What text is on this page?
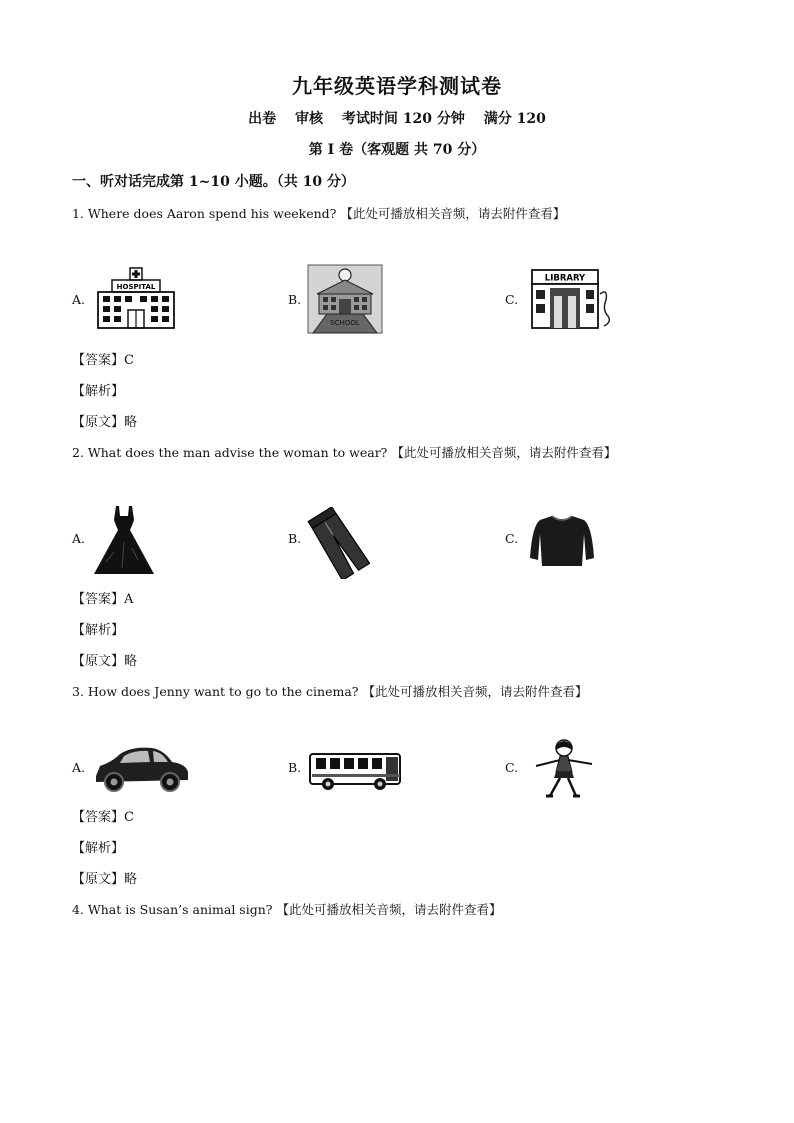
九年级英语学科测试卷
出卷 审核 考试时间 120 分钟 满分 120
第 I 卷（客观题 共 70 分）
一、听对话完成第 1~10 小题。（共 10 分）
1. Where does Aaron spend his weekend? 【此处可播放相关音频，请去附件查看】
A.
HOSPITAL
B.
SCHOOL
C.
LIBRARY
【答案】C
【解析】
【原文】略
2. What does the man advise the woman to wear? 【此处可播放相关音频，请去附件查看】
A.	B.	C.
【答案】A
【解析】
【原文】略
3. How does Jenny want to go to the cinema? 【此处可播放相关音频，请去附件查看】
A.	B.	C.
【答案】C
【解析】
【原文】略
4. What is Susan’s animal sign? 【此处可播放相关音频，请去附件查看】
